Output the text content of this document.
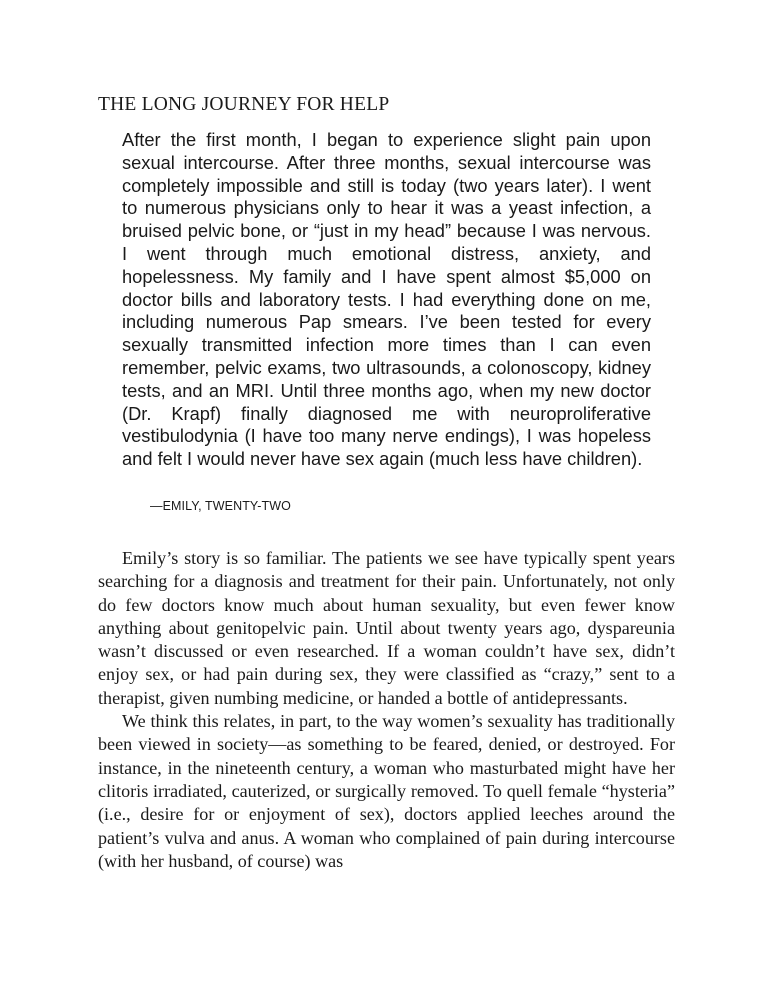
THE LONG JOURNEY FOR HELP

After the first month, I began to experience slight pain upon sexual intercourse. After three months, sexual intercourse was completely impossible and still is today (two years later). I went to numerous physicians only to hear it was a yeast infection, a bruised pelvic bone, or “just in my head” because I was nervous. I went through much emotional distress, anxiety, and hopelessness. My family and I have spent almost $5,000 on doctor bills and laboratory tests. I had everything done on me, including numerous Pap smears. I’ve been tested for every sexually transmitted infection more times than I can even remember, pelvic exams, two ultrasounds, a colonoscopy, kidney tests, and an MRI. Until three months ago, when my new doctor (Dr. Krapf) finally diagnosed me with neuroproliferative vestibulodynia (I have too many nerve endings), I was hopeless and felt I would never have sex again (much less have children).

—EMILY, TWENTY-TWO

Emily’s story is so familiar. The patients we see have typically spent years searching for a diagnosis and treatment for their pain. Unfortunately, not only do few doctors know much about human sexuality, but even fewer know anything about genitopelvic pain. Until about twenty years ago, dyspareunia wasn’t discussed or even researched. If a woman couldn’t have sex, didn’t enjoy sex, or had pain during sex, they were classified as “crazy,” sent to a therapist, given numbing medicine, or handed a bottle of antidepressants.

We think this relates, in part, to the way women’s sexuality has traditionally been viewed in society—as something to be feared, denied, or destroyed. For instance, in the nineteenth century, a woman who masturbated might have her clitoris irradiated, cauterized, or surgically removed. To quell female “hysteria” (i.e., desire for or enjoyment of sex), doctors applied leeches around the patient’s vulva and anus. A woman who complained of pain during intercourse (with her husband, of course) was
